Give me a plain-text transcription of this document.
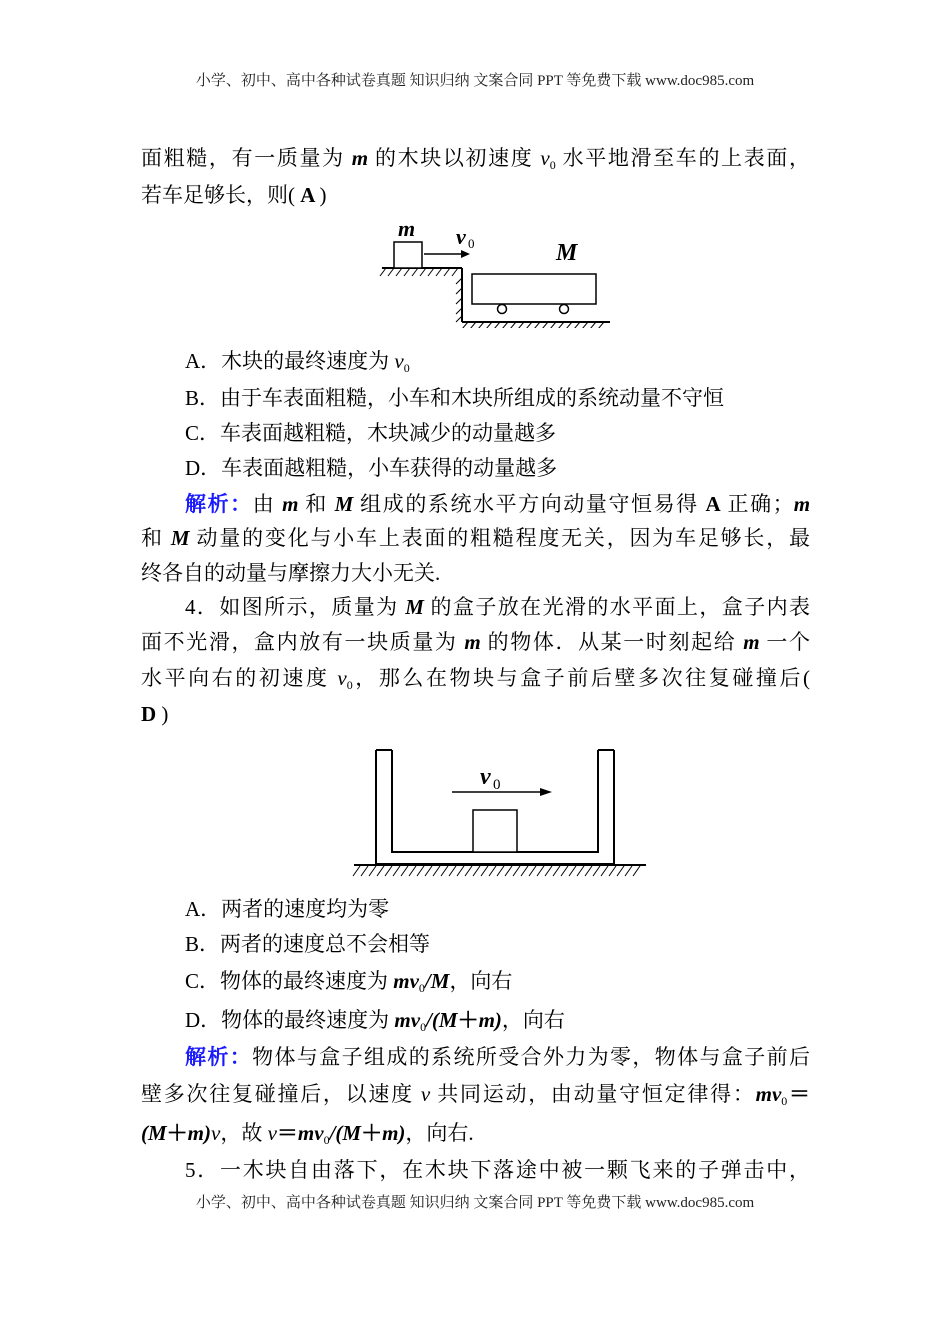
小学、初中、高中各种试卷真题 知识归纳 文案合同 PPT 等免费下载 www.doc985.com
面粗糙，有一质量为 m 的木块以初速度 $v_0$ 水平地滑至车的上表面，
若车足够长，则( A )
m v 0	M
A．木块的最终速度为 $v_0$
B．由于车表面粗糙，小车和木块所组成的系统动量不守恒
C．车表面越粗糙，木块减少的动量越多
D．车表面越粗糙，小车获得的动量越多
解析：由 m 和 M 组成的系统水平方向动量守恒易得 A 正确；m
和 M 动量的变化与小车上表面的粗糙程度无关，因为车足够长，最
终各自的动量与摩擦力大小无关.
4．如图所示，质量为 M 的盒子放在光滑的水平面上，盒子内表
面不光滑，盒内放有一块质量为 m 的物体．从某一时刻起给 m 一个
水平向右的初速度 $v_0$，那么在物块与盒子前后壁多次往复碰撞后(
D )
v 0
A．两者的速度均为零
B．两者的速度总不会相等
C．物体的最终速度为 $mv_0/M$，向右
D．物体的最终速度为 $mv_0/(M+m)$，向右
解析：物体与盒子组成的系统所受合外力为零，物体与盒子前后
壁多次往复碰撞后，以速度 v 共同运动，由动量守恒定律得：$mv_0=$
(M＋m)v，故 $v=mv_0/(M+m)$，向右.
5．一木块自由落下，在木块下落途中被一颗飞来的子弹击中，
小学、初中、高中各种试卷真题 知识归纳 文案合同 PPT 等免费下载 www.doc985.com
